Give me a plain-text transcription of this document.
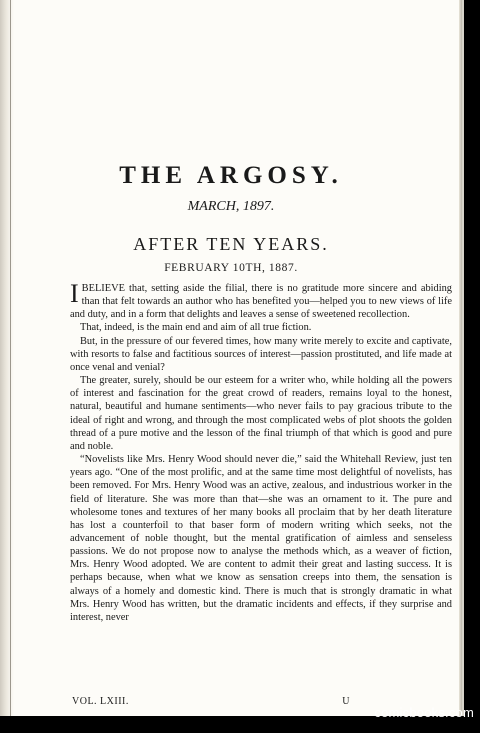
THE ARGOSY.
MARCH, 1897.
AFTER TEN YEARS.
FEBRUARY 10TH, 1887.

IBELIEVE that, setting aside the filial, there is no gratitude more sincere and abiding than that felt towards an author who has benefited you—helped you to new views of life and duty, and in a form that delights and leaves a sense of sweetened recollection.

That, indeed, is the main end and aim of all true fiction.

But, in the pressure of our fevered times, how many write merely to excite and captivate, with resorts to false and factitious sources of interest—passion prostituted, and life made at once venal and venial?

The greater, surely, should be our esteem for a writer who, while holding all the powers of interest and fascination for the great crowd of readers, remains loyal to the honest, natural, beautiful and humane sentiments—who never fails to pay gracious tribute to the ideal of right and wrong, and through the most complicated webs of plot shoots the golden thread of a pure motive and the lesson of the final triumph of that which is good and pure and noble.

“Novelists like Mrs. Henry Wood should never die,” said the Whitehall Review, just ten years ago. “One of the most prolific, and at the same time most delightful of novelists, has been removed. For Mrs. Henry Wood was an active, zealous, and industrious worker in the field of literature. She was more than that—she was an ornament to it. The pure and wholesome tones and textures of her many books all proclaim that by her death literature has lost a counterfoil to that baser form of modern writing which seeks, not the advancement of noble thought, but the mental gratification of aimless and senseless passions. We do not propose now to analyse the methods which, as a weaver of fiction, Mrs. Henry Wood adopted. We are content to admit their great and lasting success. It is perhaps because, when what we know as sensation creeps into them, the sensation is always of a homely and domestic kind. There is much that is strongly dramatic in what Mrs. Henry Wood has written, but the dramatic incidents and effects, if they surprise and interest, never

VOL. LXIII.	U
comicbooks.com
